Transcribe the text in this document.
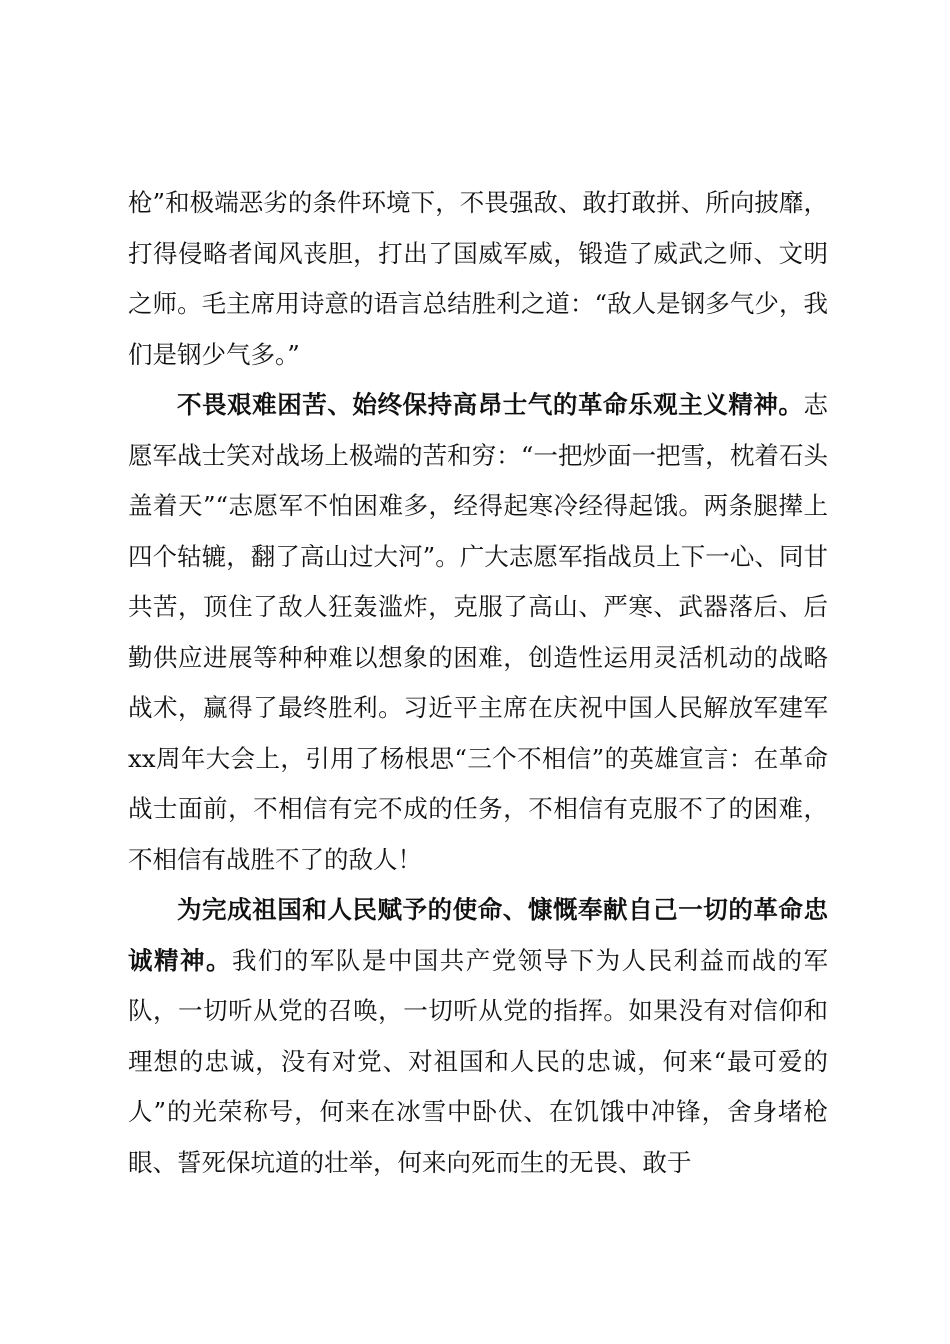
枪”和极端恶劣的条件环境下，不畏强敌、敢打敢拼、所向披靡，打得侵略者闻风丧胆，打出了国威军威，锻造了威武之师、文明之师。毛主席用诗意的语言总结胜利之道：“敌人是钢多气少，我们是钢少气多。”

不畏艰难困苦、始终保持高昂士气的革命乐观主义精神。志愿军战士笑对战场上极端的苦和穷：“一把炒面一把雪，枕着石头盖着天”“志愿军不怕困难多，经得起寒冷经得起饿。两条腿撵上四个轱辘，翻了高山过大河”。广大志愿军指战员上下一心、同甘共苦，顶住了敌人狂轰滥炸，克服了高山、严寒、武器落后、后勤供应进展等种种难以想象的困难，创造性运用灵活机动的战略战术，赢得了最终胜利。习近平主席在庆祝中国人民解放军建军xx周年大会上，引用了杨根思“三个不相信”的英雄宣言：在革命战士面前，不相信有完不成的任务，不相信有克服不了的困难，不相信有战胜不了的敌人！

为完成祖国和人民赋予的使命、慷慨奉献自己一切的革命忠诚精神。我们的军队是中国共产党领导下为人民利益而战的军队，一切听从党的召唤，一切听从党的指挥。如果没有对信仰和理想的忠诚，没有对党、对祖国和人民的忠诚，何来“最可爱的人”的光荣称号，何来在冰雪中卧伏、在饥饿中冲锋，舍身堵枪眼、誓死保坑道的壮举，何来向死而生的无畏、敢于
